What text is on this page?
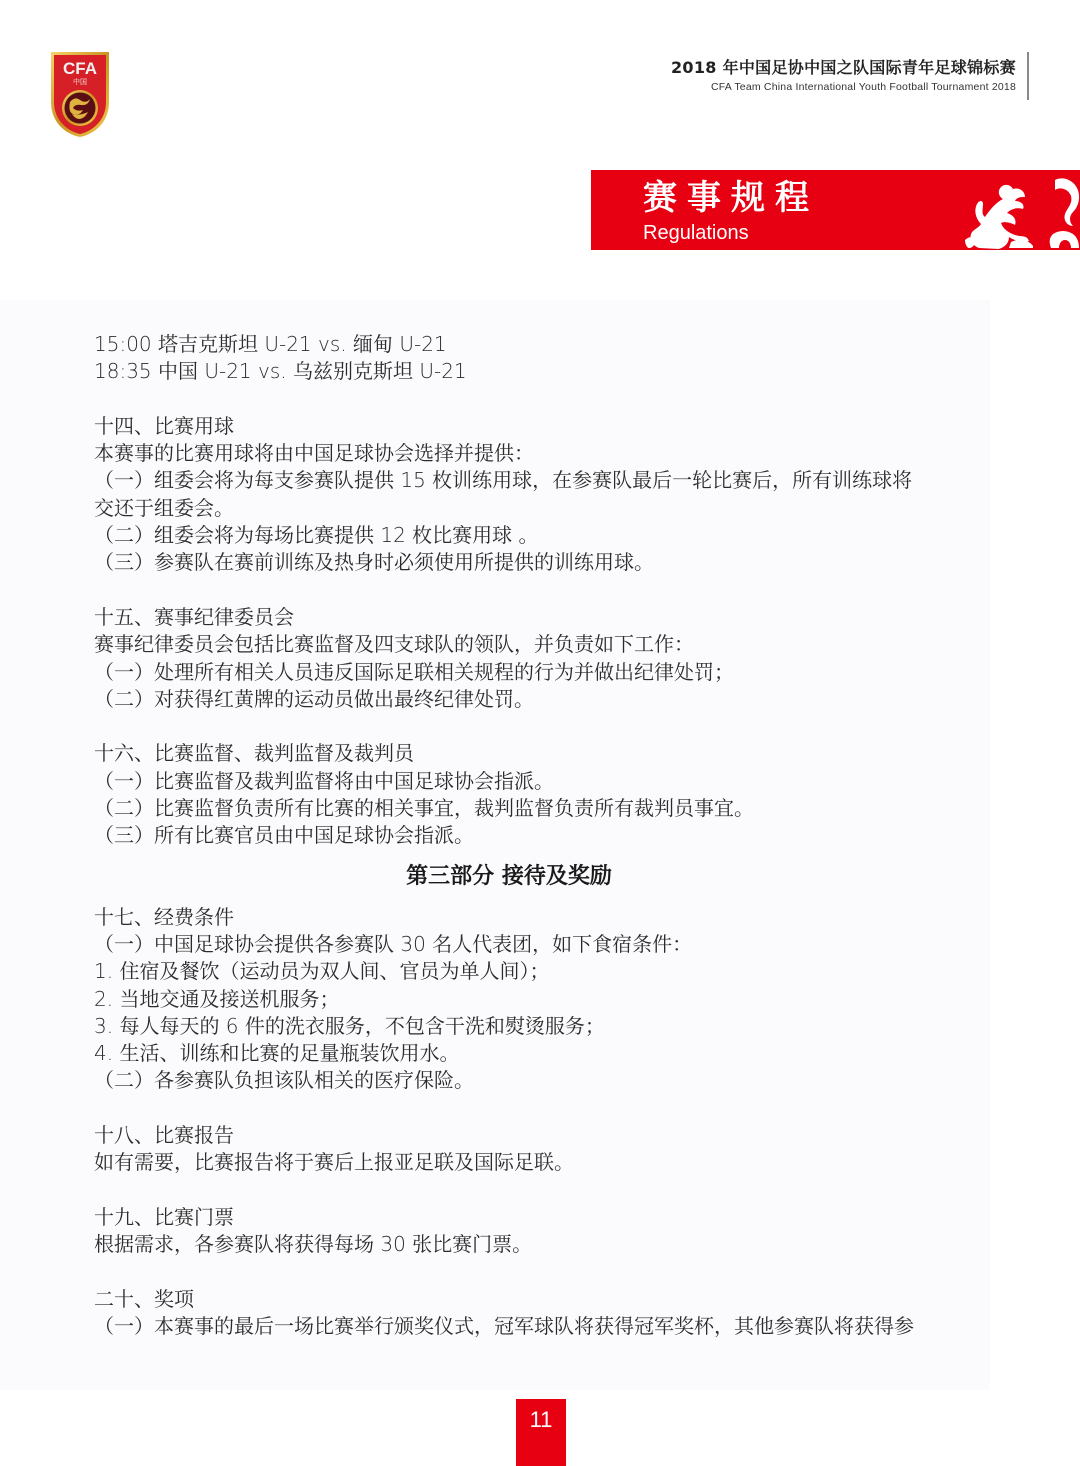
CFA
中国
2018 年中国足协中国之队国际青年足球锦标赛
CFA Team China International Youth Football Tournament 2018
赛事规程
Regulations
15:00 塔吉克斯坦 U-21 vs. 缅甸 U-21
18:35 中国 U-21 vs. 乌兹别克斯坦 U-21
十四、比赛用球
本赛事的比赛用球将由中国足球协会选择并提供：
（一）组委会将为每支参赛队提供 15 枚训练用球，在参赛队最后一轮比赛后，所有训练球将
交还于组委会。
（二）组委会将为每场比赛提供 12 枚比赛用球 。
（三）参赛队在赛前训练及热身时必须使用所提供的训练用球。
十五、赛事纪律委员会
赛事纪律委员会包括比赛监督及四支球队的领队，并负责如下工作：
（一）处理所有相关人员违反国际足联相关规程的行为并做出纪律处罚；
（二）对获得红黄牌的运动员做出最终纪律处罚。
十六、比赛监督、裁判监督及裁判员
（一）比赛监督及裁判监督将由中国足球协会指派。
（二）比赛监督负责所有比赛的相关事宜，裁判监督负责所有裁判员事宜。
（三）所有比赛官员由中国足球协会指派。
第三部分 接待及奖励
十七、经费条件
（一）中国足球协会提供各参赛队 30 名人代表团，如下食宿条件：
1. 住宿及餐饮（运动员为双人间、官员为单人间）；
2. 当地交通及接送机服务；
3. 每人每天的 6 件的洗衣服务，不包含干洗和熨烫服务；
4. 生活、训练和比赛的足量瓶装饮用水。
（二）各参赛队负担该队相关的医疗保险。
十八、比赛报告
如有需要，比赛报告将于赛后上报亚足联及国际足联。
十九、比赛门票
根据需求，各参赛队将获得每场 30 张比赛门票。
二十、奖项
（一）本赛事的最后一场比赛举行颁奖仪式，冠军球队将获得冠军奖杯，其他参赛队将获得参
11
